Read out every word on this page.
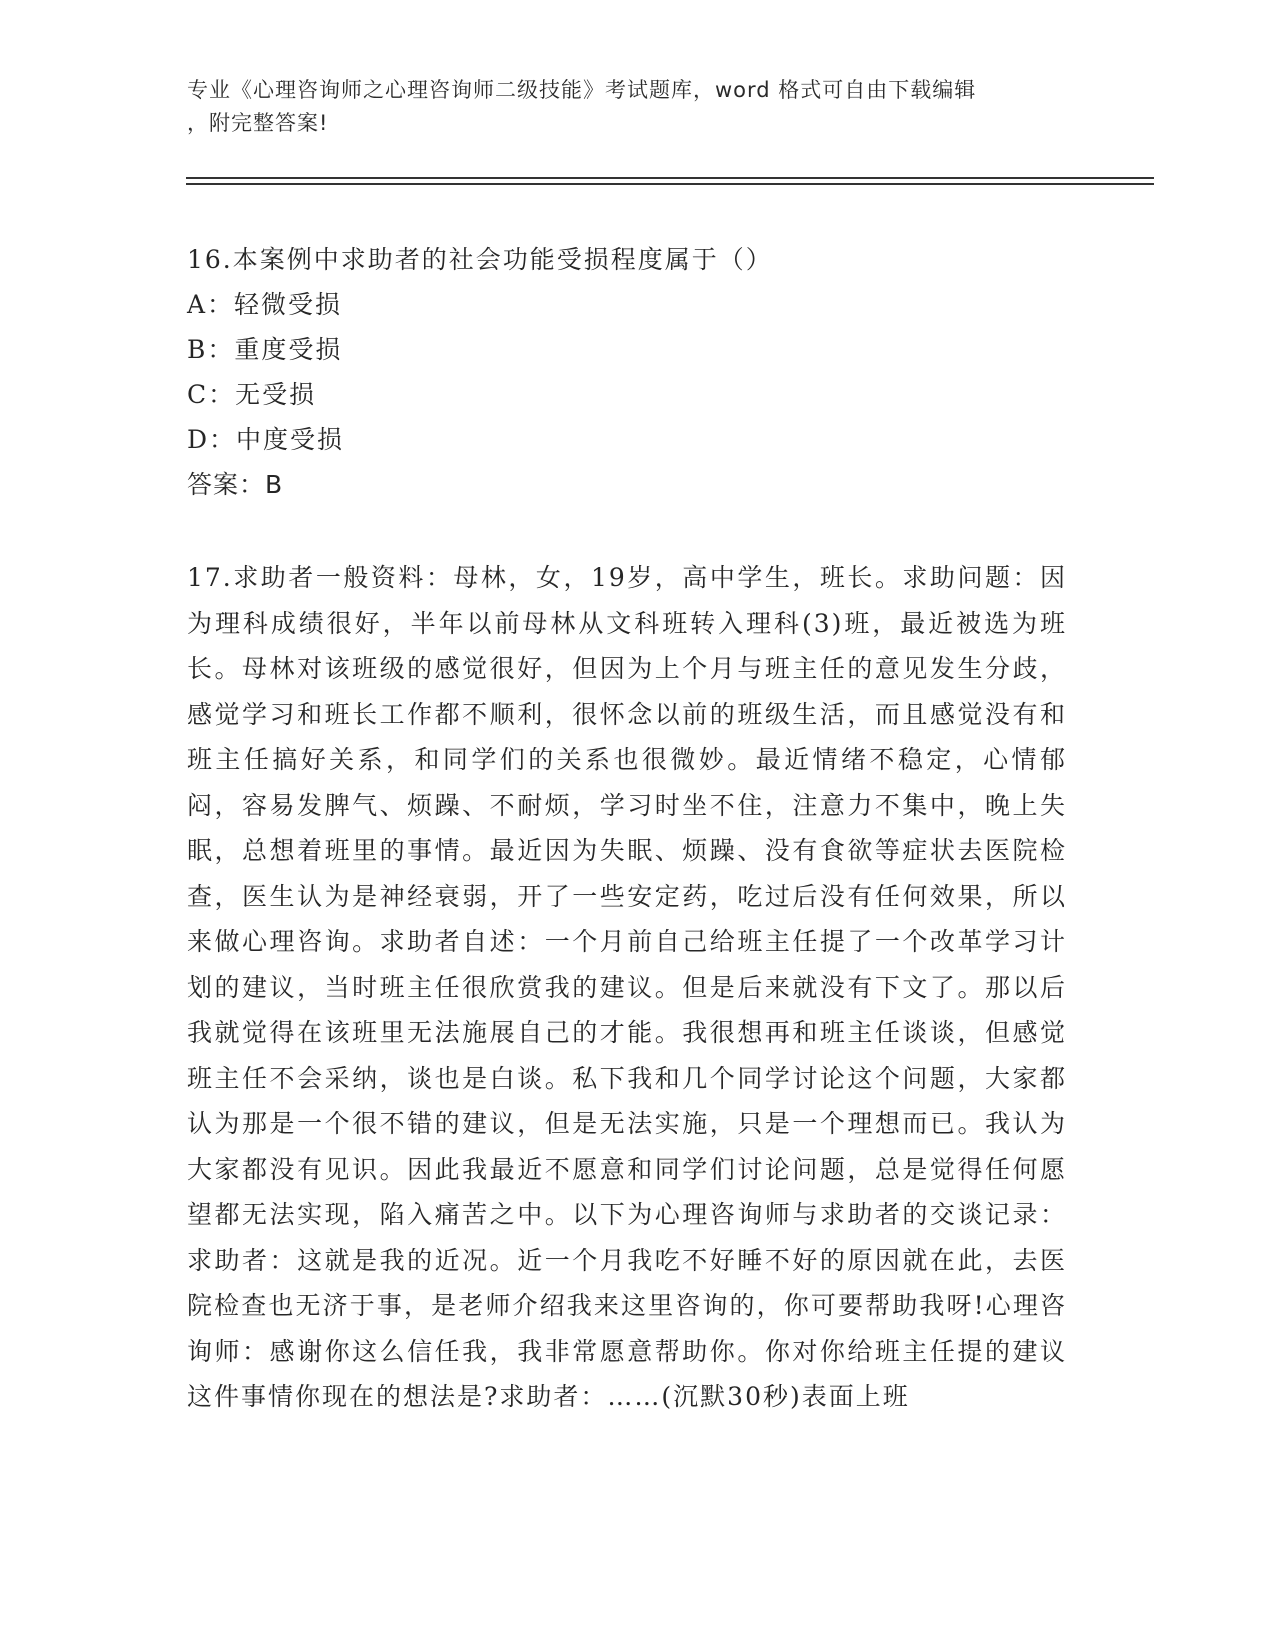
专业《心理咨询师之心理咨询师二级技能》考试题库，word 格式可自由下载编辑
，附完整答案!
16.本案例中求助者的社会功能受损程度属于（）
A：轻微受损
B：重度受损
C：无受损
D：中度受损
答案：B
17.求助者一般资料：母林，女，19岁，高中学生，班长。求助问题：因为理科成绩很好，半年以前母林从文科班转入理科(3)班，最近被选为班长。母林对该班级的感觉很好，但因为上个月与班主任的意见发生分歧，感觉学习和班长工作都不顺利，很怀念以前的班级生活，而且感觉没有和班主任搞好关系，和同学们的关系也很微妙。最近情绪不稳定，心情郁闷，容易发脾气、烦躁、不耐烦，学习时坐不住，注意力不集中，晚上失眠，总想着班里的事情。最近因为失眠、烦躁、没有食欲等症状去医院检查，医生认为是神经衰弱，开了一些安定药，吃过后没有任何效果，所以来做心理咨询。求助者自述：一个月前自己给班主任提了一个改革学习计划的建议，当时班主任很欣赏我的建议。但是后来就没有下文了。那以后我就觉得在该班里无法施展自己的才能。我很想再和班主任谈谈，但感觉班主任不会采纳，谈也是白谈。私下我和几个同学讨论这个问题，大家都认为那是一个很不错的建议，但是无法实施，只是一个理想而已。我认为大家都没有见识。因此我最近不愿意和同学们讨论问题，总是觉得任何愿望都无法实现，陷入痛苦之中。以下为心理咨询师与求助者的交谈记录：求助者：这就是我的近况。近一个月我吃不好睡不好的原因就在此，去医院检查也无济于事，是老师介绍我来这里咨询的，你可要帮助我呀!心理咨询师：感谢你这么信任我，我非常愿意帮助你。你对你给班主任提的建议这件事情你现在的想法是?求助者：……(沉默30秒)表面上班
